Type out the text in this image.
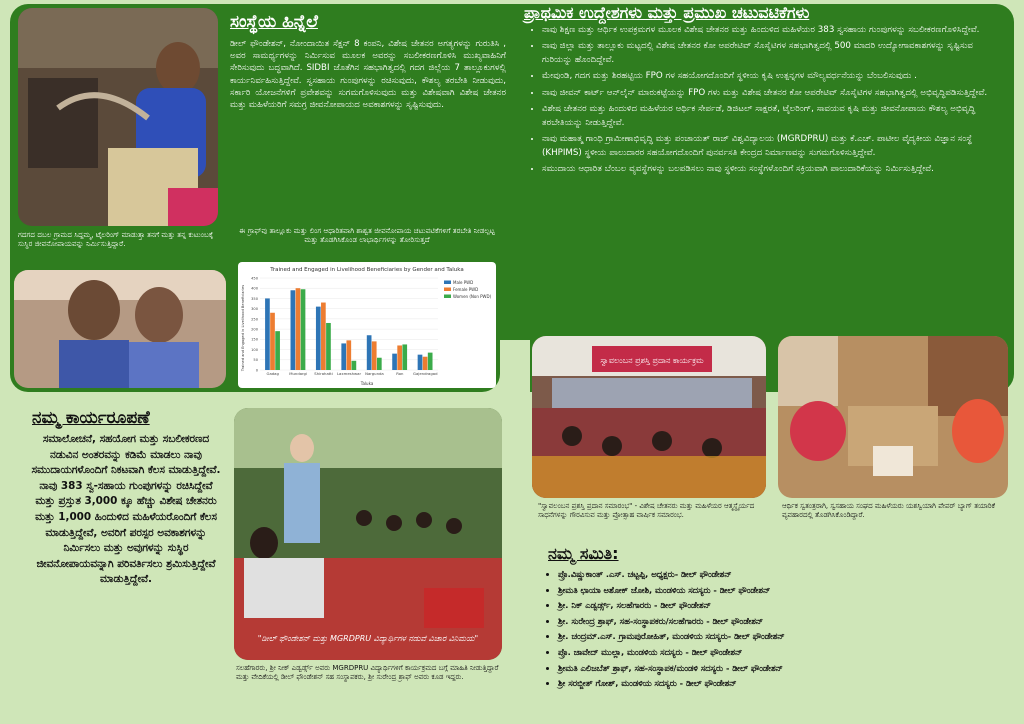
ಗದಗದ ದಬಲ ಗ್ರಾಮದ ಸಿದ್ದಮ್ಮ, ಟೈಲರಿಂಗ್ ಮಾಡುತ್ತಾ ತನಗೆ ಮತ್ತು ತನ್ನ ಕುಟುಂಬಕ್ಕೆ ಸುಸ್ಥಿರ ಜೀವನೋಪಾಯವನ್ನು ನಿರ್ಮಿಸುತ್ತಿದ್ದಾರೆ.
ಸಂಸ್ಥೆಯ ಹಿನ್ನೆಲೆ

ಡೀಲ್ ಫೌಂಡೇಶನ್, ನೋಂದಾಯಿತ ಸೆಕ್ಷನ್ 8 ಕಂಪನಿ, ವಿಶೇಷ ಚೇತನರ ಅಗತ್ಯಗಳನ್ನು ಗುರುತಿಸಿ , ಅವರ ಸಾಮರ್ಥ್ಯಗಳನ್ನು ನಿರ್ಮಿಸುವ ಮೂಲಕ ಅವರನ್ನು ಸಬಲೀಕರಣಗೊಳಿಸಿ ಮುಖ್ಯವಾಹಿನಿಗೆ ಸೇರಿಸುವುದು ಬದ್ಧವಾಗಿದೆ. SIDBI ಜೊತೆಗಿನ ಸಹಭಾಗಿತ್ವದಲ್ಲಿ ಗದಗ ಜಿಲ್ಲೆಯ 7 ತಾಲ್ಲೂಕುಗಳಲ್ಲಿ ಕಾರ್ಯನಿರ್ವಹಿಸುತ್ತಿದ್ದೇವೆ. ಸ್ವಸಹಾಯ ಗುಂಪುಗಳನ್ನು ರಚಿಸುವುದು, ಕೌಶಲ್ಯ ತರಬೇತಿ ನೀಡುವುದು, ಸರ್ಕಾರಿ ಯೋಜನೆಗಳಿಗೆ ಪ್ರವೇಶವನ್ನು ಸುಗಮಗೊಳಿಸುವುದು ಮತ್ತು ವಿಶೇಷವಾಗಿ ವಿಶೇಷ ಚೇತನರ ಮತ್ತು ಮಹಿಳೆಯರಿಗೆ ಸಮಗ್ರ ಜೀವನೋಪಾಯದ ಅವಕಾಶಗಳನ್ನು ಸೃಷ್ಟಿಸುವುದು.

ಈ ಗ್ರಾಫ್‌ವು ತಾಲ್ಲೂಕು ಮತ್ತು ಲಿಂಗ ಆಧಾರಿತವಾಗಿ ಶಾಶ್ವತ ಜೀವನೋಪಾಯ ಚಟುವಟಿಕೆಗಳಿಗೆ ತರಬೇತಿ ನೀಡಲ್ಪಟ್ಟ ಮತ್ತು ತೊಡಗಿಸಿಕೊಂಡ ಲಾಭಾರ್ಥಿಗಳನ್ನು ತೋರಿಸುತ್ತದೆ
Trained and Engaged in Livelihood Beneficiaries by Gender and Taluka
Trained and Engaged in Livelihood Beneficiaries
Taluka
0
50
100
150
200
250
300
350
400
450
Gadag	Mundargi Shirahatti Laxmeshwar Nargunda	Ron	Gajendragad
Male PWD
Female PWD
Women (Non PWD)
ಪ್ರಾಥಮಿಕ ಉದ್ದೇಶಗಳು ಮತ್ತು ಪ್ರಮುಖ ಚಟುವಟಿಕೆಗಳು
• ನಾವು ಶಿಕ್ಷಣ ಮತ್ತು ಆರ್ಥಿಕ ಉಪಕ್ರಮಗಳ ಮೂಲಕ ವಿಶೇಷ ಚೇತನರ ಮತ್ತು ಹಿಂದುಳಿದ ಮಹಿಳೆಯರ 383 ಸ್ವಸಹಾಯ ಗುಂಪುಗಳನ್ನು ಸಬಲೀಕರಣಗೊಳಿಸಿದ್ದೇವೆ.
• ನಾವು ಜಿಲ್ಲಾ ಮತ್ತು ತಾಲ್ಲೂಕು ಮಟ್ಟದಲ್ಲಿ ವಿಶೇಷ ಚೇತನರ ಕೋ ಆಪರೇಟಿವ್ ಸೊಸೈಟಿಗಳ ಸಹಭಾಗಿತ್ವದಲ್ಲಿ 500 ಮಾದರಿ ಉದ್ಯೋಗಾವಕಾಶಗಳನ್ನು ಸೃಷ್ಟಿಸುವ ಗುರಿಯನ್ನು ಹೊಂದಿದ್ದೇವೆ.
• ಮೇವುಂಡಿ, ಗದಗ ಮತ್ತು ಶಿರಹಟ್ಟಿಯ FPO ಗಳ ಸಹಯೋಗದೊಂದಿಗೆ ಸ್ಥಳೀಯ ಕೃಷಿ ಉತ್ಪನ್ನಗಳ ಮೌಲ್ಯವರ್ಧನೆಯನ್ನು ಬೆಂಬಲಿಸುವುದು .
• ನಾವು ಜೀವನ್ ಕಾರ್ಟ್ ಆನ್‌ಲೈನ್ ಮಾರುಕಟ್ಟೆಯನ್ನು FPO ಗಳು ಮತ್ತು ವಿಶೇಷ ಚೇತನರ ಕೋ ಆಪರೇಟಿವ್ ಸೊಸೈಟಿಗಳ ಸಹಭಾಗಿತ್ವದಲ್ಲಿ ಅಭಿವೃದ್ಧಿಪಡಿಸುತ್ತಿದ್ದೇವೆ.
• ವಿಶೇಷ ಚೇತನರ ಮತ್ತು ಹಿಂದುಳಿದ ಮಹಿಳೆಯರ ಆರ್ಥಿಕ ಸೇರ್ಪಡೆ, ಡಿಜಿಟಲ್ ಸಾಕ್ಷರತೆ, ಟೈಲರಿಂಗ್, ಸಾವಯವ ಕೃಷಿ ಮತ್ತು ಜೀವನೋಪಾಯ ಕೌಶಲ್ಯ ಅಭಿವೃದ್ಧಿ ತರಬೇತಿಯನ್ನು ನೀಡುತ್ತಿದ್ದೇವೆ.
• ನಾವು ಮಹಾತ್ಮ ಗಾಂಧಿ ಗ್ರಾಮೀಣಾಭಿವೃದ್ಧಿ ಮತ್ತು ಪಂಚಾಯತ್ ರಾಜ್ ವಿಶ್ವವಿದ್ಯಾಲಯ (MGRDPRU) ಮತ್ತು ಕೆ.ಎಚ್. ಪಾಟೀಲ ವೈದ್ಯಕೀಯ ವಿಜ್ಞಾನ ಸಂಸ್ಥೆ (KHPIMS) ಸ್ಥಳೀಯ ಪಾಲುದಾರರ ಸಹಯೋಗದೊಂದಿಗೆ ಪುನರ್ವಸತಿ ಕೇಂದ್ರದ ನಿರ್ಮಾಣವನ್ನು ಸುಗಮಗೊಳಿಸುತ್ತಿದ್ದೇವೆ.
• ಸಮುದಾಯ ಆಧಾರಿತ ಬೆಂಬಲ ವ್ಯವಸ್ಥೆಗಳನ್ನು ಬಲಪಡಿಸಲು ನಾವು ಸ್ಥಳೀಯ ಸಂಸ್ಥೆಗಳೊಂದಿಗೆ ಸಕ್ರಿಯವಾಗಿ ಪಾಲುದಾರಿಕೆಯನ್ನು ನಿರ್ಮಿಸುತ್ತಿದ್ದೇವೆ.
ಸ್ವಾವಲಂಬನ ಪ್ರಶಸ್ತಿ ಪ್ರದಾನ ಕಾರ್ಯಕ್ರಮ
"ಸ್ವಾವಲಂಬನ ಪ್ರಶಸ್ತಿ ಪ್ರದಾನ ಸಮಾರಂಭ" - ವಿಶೇಷ ಚೇತನರು ಮತ್ತು ಮಹಿಳೆಯರ ಆತ್ಮಸ್ಥೈರ್ಯದ ಸಾಧನೆಗಳನ್ನು ಗೌರವಿಸುವ ಮತ್ತು ಪ್ರೋತ್ಸಾಹ ವಾರ್ಷಿಕ ಸಮಾರಂಭ.
ಆರ್ಥಿಕ ಸ್ವತಂತ್ರರಾಗಿ, ಸ್ವಸಹಾಯ ಸಂಘದ ಮಹಿಳೆಯರು ಯಶಸ್ವಿಯಾಗಿ ಪೇಪರ್ ಬ್ಯಾಗ್ ತಯಾರಿಕೆ ವ್ಯವಹಾರದಲ್ಲಿ ತೊಡಗಿಸಿಕೊಂಡಿದ್ದಾರೆ.
ನಮ್ಮ ಕಾರ್ಯರೂಪಣೆ

ಸಮಾಲೋಚನೆ, ಸಹಯೋಗ ಮತ್ತು ಸಬಲೀಕರಣದ ನಡುವಿನ ಅಂತರವನ್ನು ಕಡಿಮೆ ಮಾಡಲು ನಾವು ಸಮುದಾಯಗಳೊಂದಿಗೆ ನಿಕಟವಾಗಿ ಕೆಲಸ ಮಾಡುತ್ತಿದ್ದೇವೆ. ನಾವು 383 ಸ್ವ-ಸಹಾಯ ಗುಂಪುಗಳನ್ನು ರಚಿಸಿದ್ದೇವೆ ಮತ್ತು ಪ್ರಸ್ತುತ 3,000 ಕ್ಕೂ ಹೆಚ್ಚು ವಿಶೇಷ ಚೇತನರು ಮತ್ತು 1,000 ಹಿಂದುಳಿದ ಮಹಿಳೆಯರೊಂದಿಗೆ ಕೆಲಸ ಮಾಡುತ್ತಿದ್ದೇವೆ, ಅವರಿಗೆ ಪರಸ್ಪರ ಅವಕಾಶಗಳನ್ನು ನಿರ್ಮಿಸಲು ಮತ್ತು ಅವುಗಳನ್ನು ಸುಸ್ಥಿರ ಜೀವನೋಪಾಯವನ್ನಾಗಿ ಪರಿವರ್ತಿಸಲು ಶ್ರಮಿಸುತ್ತಿದ್ದೇವೆ ಮಾಡುತ್ತಿದ್ದೇವೆ.

"ಡೀಲ್ ಫೌಂಡೇಶನ್ ಮತ್ತು MGRDPRU ವಿದ್ಯಾರ್ಥಿಗಳ ನಡುವೆ ವಿಚಾರ ವಿನಿಮಯ"
ಸಲಹೆಗಾರರು, ಶ್ರೀ ನೀಕ್ ಎಡ್ವರ್ಡ್ಸ್ ಅವರು MGRDPRU ವಿದ್ಯಾರ್ಥಿಗಳಿಗೆ ಕಾರ್ಯಕ್ರಮದ ಬಗ್ಗೆ ಮಾಹಿತಿ ನೀಡುತ್ತಿದ್ದಾರೆ ಮತ್ತು ವೇದಿಕೆಯಲ್ಲಿ ಡೀಲ್ ಫೌಂಡೇಶನ್ ಸಹ ಸಂಸ್ಥಾಪಕರು, ಶ್ರೀ ಸುರೇಂದ್ರ ಶ್ರಾಫ್ ಅವರು ಕೂಡ ಇದ್ದರು.
ನಮ್ಮ ಸಮಿತಿ:
• ಪ್ರೊ.ವಿಷ್ಣುಕಾಂತ್ .ಎಸ್. ಚಟ್ಟಪ್ಪಿ, ಅಧ್ಯಕ್ಷರು- ಡೀಲ್ ಫೌಂಡೇಶನ್
• ಶ್ರೀಮತಿ ಛಾಯಾ ಅಶೋಕ್ ಜೋಶಿ, ಮಂಡಳಿಯ ಸದಸ್ಯರು - ಡೀಲ್ ಫೌಂಡೇಶನ್
• ಶ್ರೀ. ನಿಕ್ ಎಡ್ವರ್ಡ್ಸ್, ಸಲಹೆಗಾರರು - ಡೀಲ್ ಫೌಂಡೇಶನ್
• ಶ್ರೀ. ಸುರೇಂದ್ರ ಶ್ರಾಫ್, ಸಹ-ಸಂಸ್ಥಾಪಕರು/ಸಲಹೆಗಾರರು - ಡೀಲ್ ಫೌಂಡೇಶನ್
• ಶ್ರೀ. ಚಂದ್ರಮ್.ಎಸ್. ಗ್ರಾಮಪುರೋಹಿತ್, ಮಂಡಳಿಯ ಸದಸ್ಯರು- ಡೀಲ್ ಫೌಂಡೇಶನ್
• ಪ್ರೊ. ಜಾವೇದ್ ಮುಲ್ಲಾ, ಮಂಡಳಿಯ ಸದಸ್ಯರು - ಡೀಲ್ ಫೌಂಡೇಶನ್
• ಶ್ರೀಮತಿ ಎಲಿಜಬೆತ್ ಶ್ರಾಫ್, ಸಹ-ಸಂಸ್ಥಾಪಕ/ಮಂಡಳಿ ಸದಸ್ಯರು - ಡೀಲ್ ಫೌಂಡೇಶನ್
• ಶ್ರೀ ಸರಬ್ಜೀತ್ ಗೋಶ್, ಮಂಡಳಿಯ ಸದಸ್ಯರು - ಡೀಲ್ ಫೌಂಡೇಶನ್
